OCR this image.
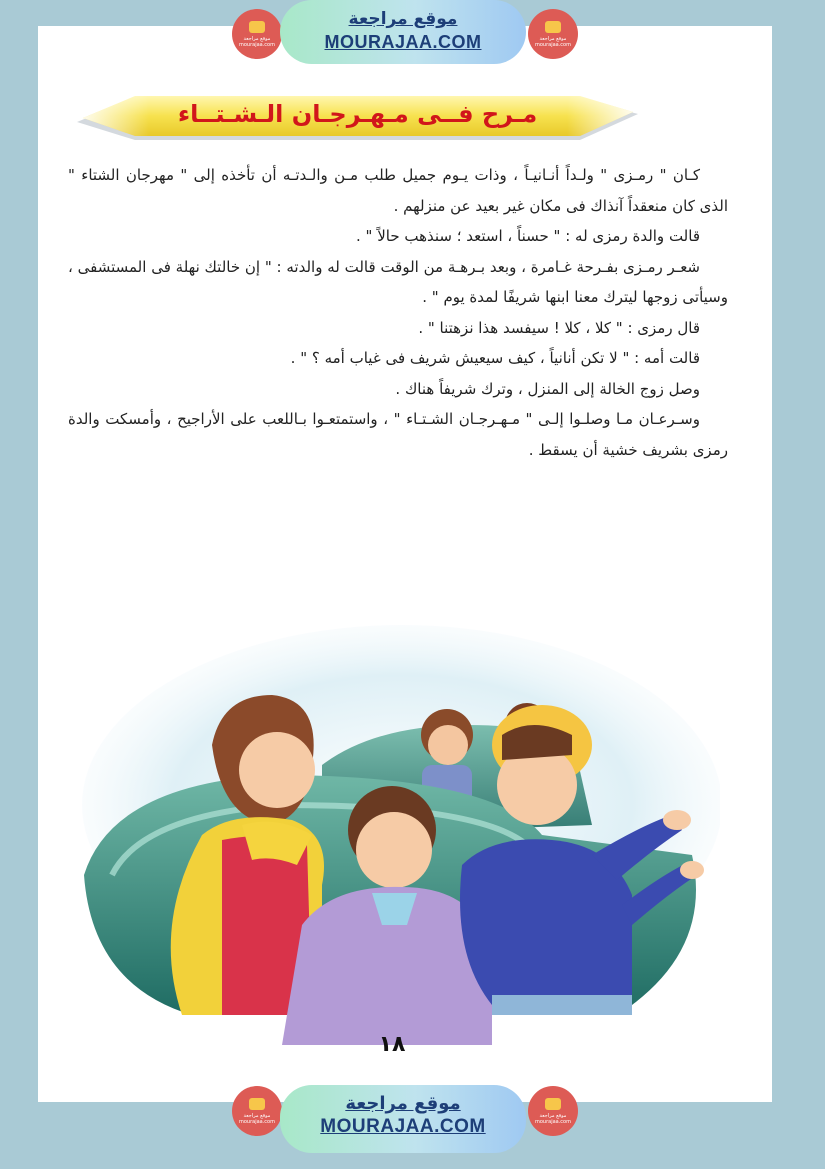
موقع مراجعة mourajaa.com
موقع مراجعة mourajaa.com
موقع مراجعة
MOURAJAA.COM
مـرح فــى مـهـرجـان الـشـتــاء

كـان " رمـزى " ولـداً أنـانيـاً ، وذات يـوم جميل طلب مـن والـدتـه أن تأخذه إلى " مهرجان الشتاء " الذى كان منعقداً آنذاك فى مكان غير بعيد عن منزلهم .

قالت والدة رمزى له : " حسناً ، استعد ؛ سنذهب حالاً " .

شعـر رمـزى بفـرحة غـامرة ، وبعد بـرهـة من الوقت قالت له والدته : " إن خالتك نهلة فى المستشفى ، وسيأتى زوجها ليترك معنا ابنها شريفًا لمدة يوم " .

قال رمزى : " كلا ، كلا ! سيفسد هذا نزهتنا " .

قالت أمه : " لا تكن أنانياً ، كيف سيعيش شريف فى غياب أمه ؟ " .

وصل زوج الخالة إلى المنزل ، وترك شريفاً هناك .

وسـرعـان مـا وصلـوا إلـى " مـهـرجـان الشـتـاء " ، واستمتعـوا بـاللعب على الأراجيح ، وأمسكت والدة رمزى بشريف خشية أن يسقط .

١٨
موقع مراجعة mourajaa.com
موقع مراجعة mourajaa.com
موقع مراجعة
MOURAJAA.COM
